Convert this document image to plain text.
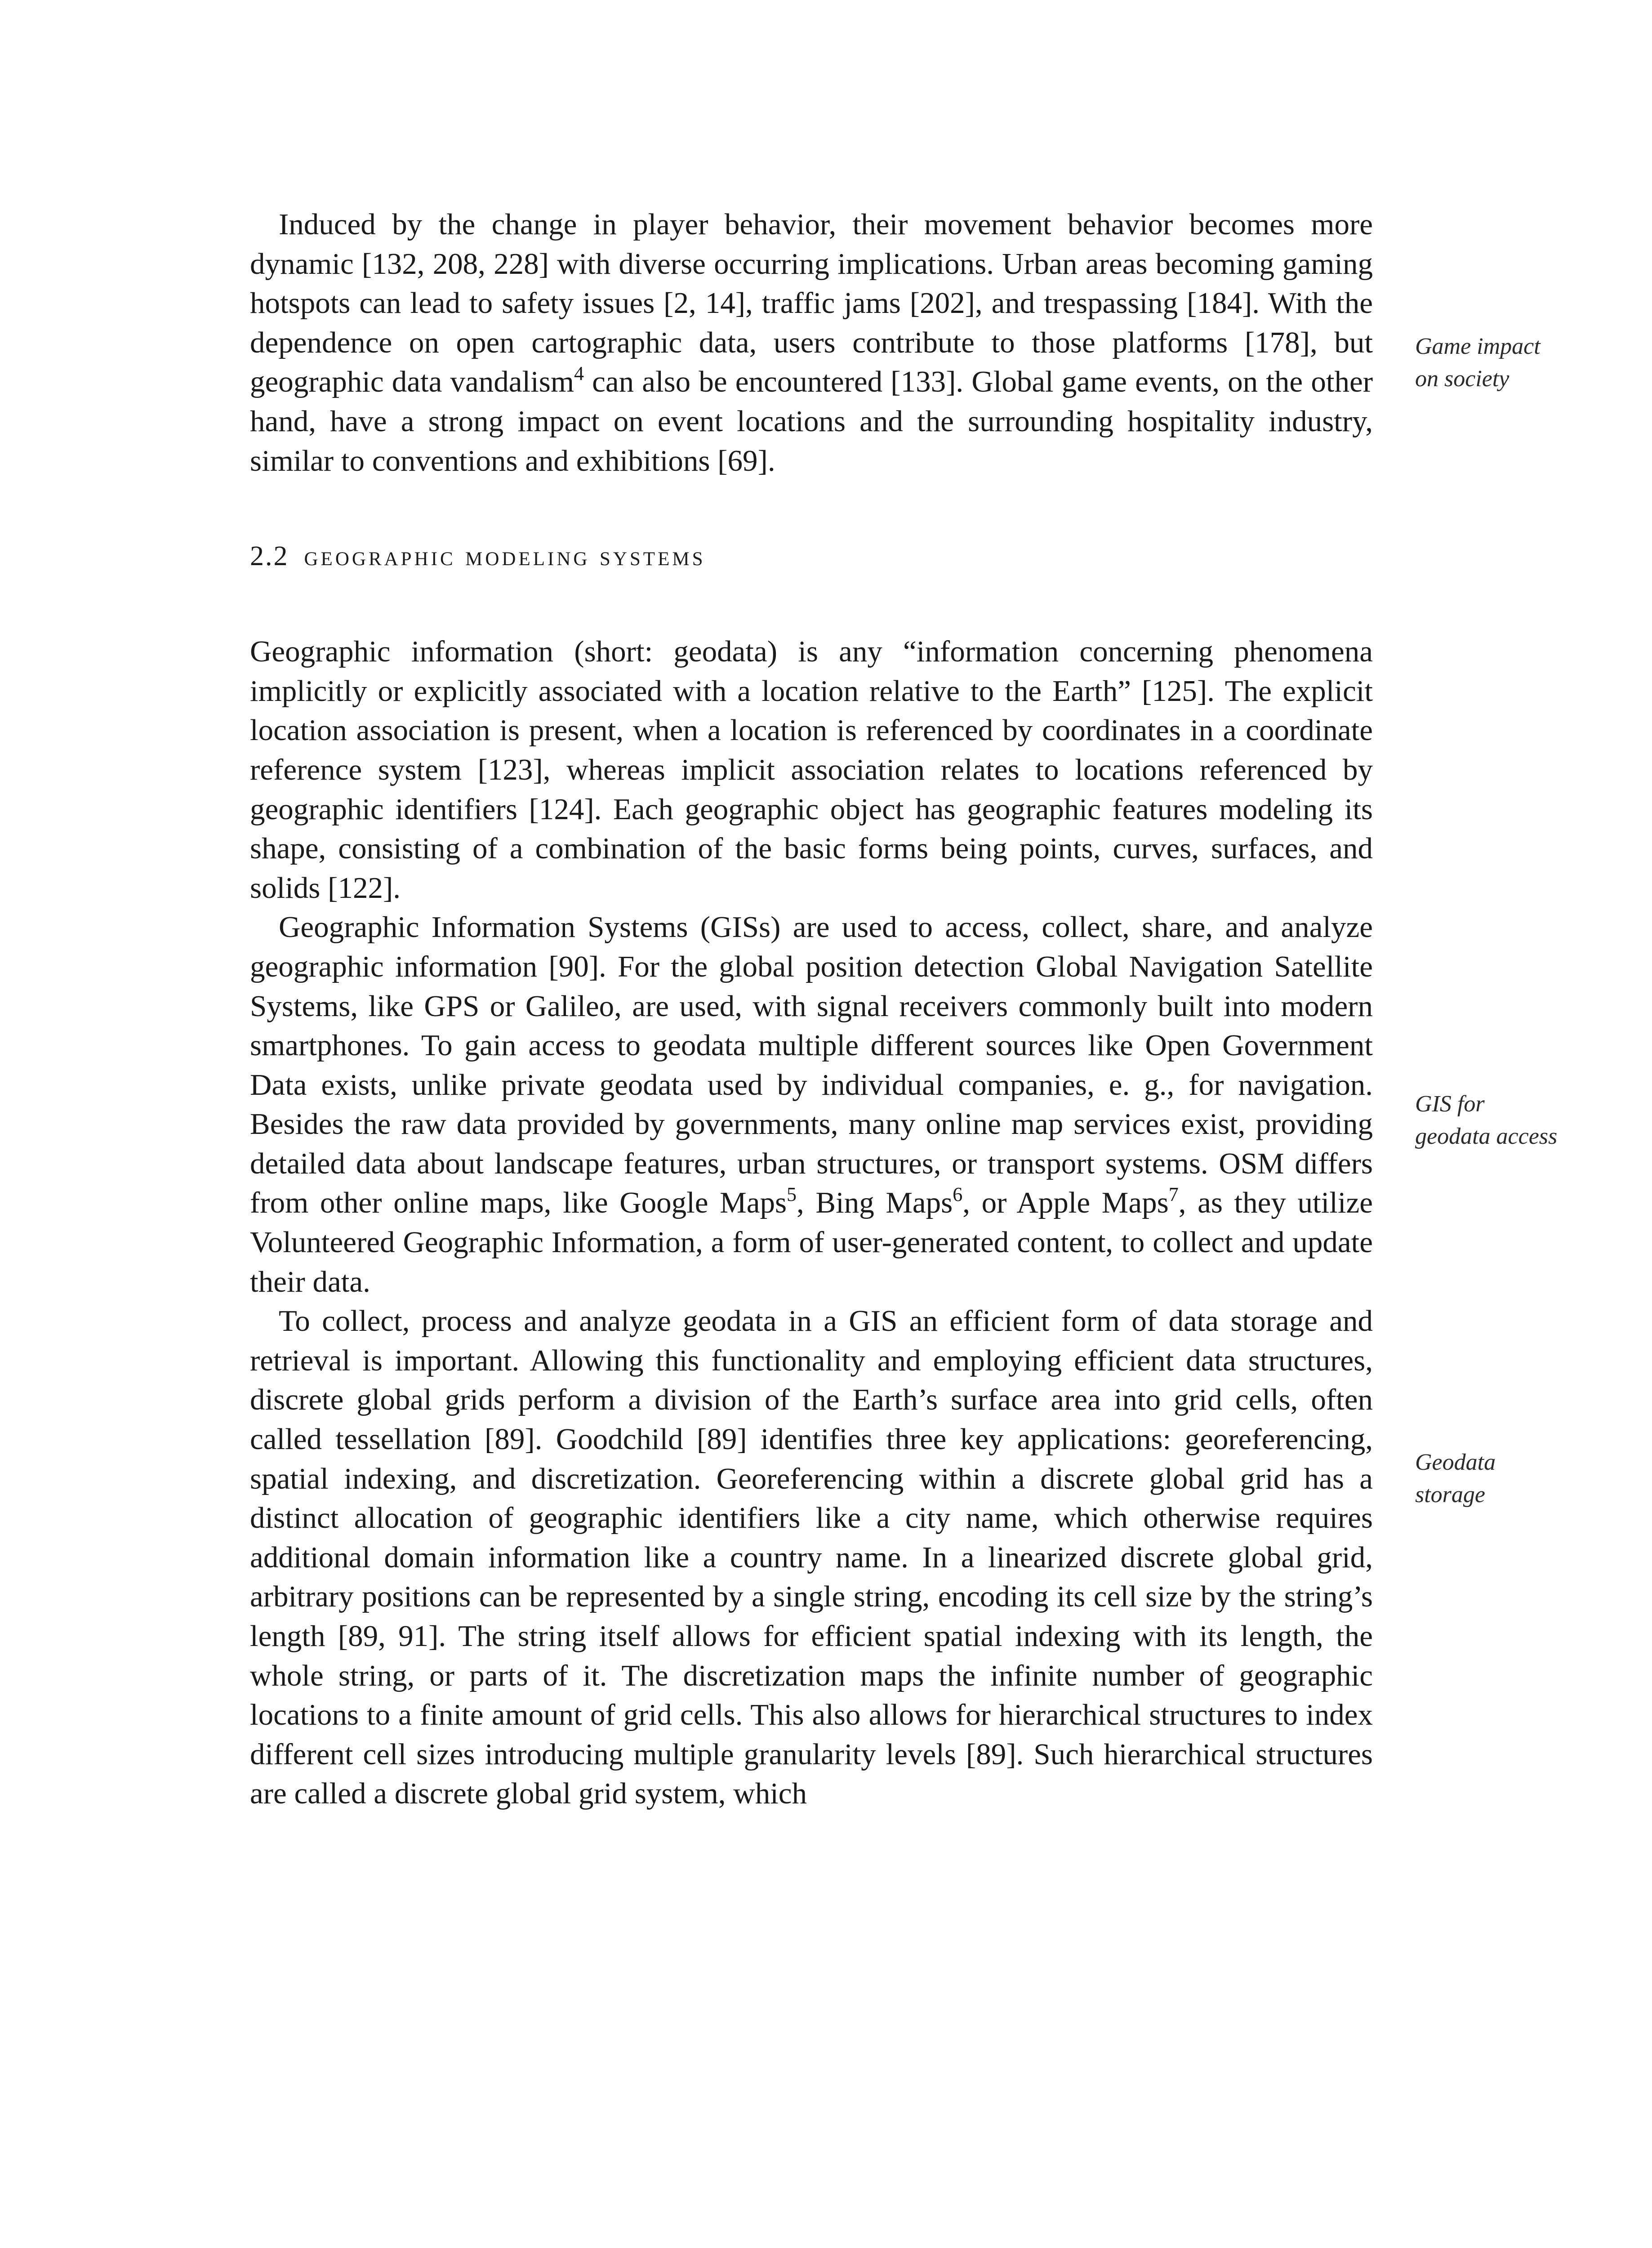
Induced by the change in player behavior, their movement behavior becomes more dynamic [132, 208, 228] with diverse occurring implications. Urban areas becoming gaming hotspots can lead to safety issues [2, 14], traffic jams [202], and trespassing [184]. With the dependence on open cartographic data, users contribute to those platforms [178], but geographic data vandalism$^4$ can also be encountered [133]. Global game events, on the other hand, have a strong impact on event locations and the surrounding hospitality industry, similar to conventions and exhibitions [69].

2.2 geographic modeling systems

Geographic information (short: geodata) is any “information concerning phenomena implicitly or explicitly associated with a location relative to the Earth” [125]. The explicit location association is present, when a location is referenced by coordinates in a coordinate reference system [123], whereas implicit association relates to locations referenced by geographic identifiers [124]. Each geographic object has geographic features modeling its shape, consisting of a combination of the basic forms being points, curves, surfaces, and solids [122].

Geographic Information Systems (GISs) are used to access, collect, share, and analyze geographic information [90]. For the global position detection Global Navigation Satellite Systems, like GPS or Galileo, are used, with signal receivers commonly built into modern smartphones. To gain access to geodata multiple different sources like Open Government Data exists, unlike private geodata used by individual companies, e. g., for navigation. Besides the raw data provided by governments, many online map services exist, providing detailed data about landscape features, urban structures, or transport systems. OSM differs from other online maps, like Google Maps$^5$, Bing Maps$^6$, or Apple Maps$^7$, as they utilize Volunteered Geographic Information, a form of user-generated content, to collect and update their data.

To collect, process and analyze geodata in a GIS an efficient form of data storage and retrieval is important. Allowing this functionality and employing efficient data structures, discrete global grids perform a division of the Earth’s surface area into grid cells, often called tessellation [89]. Goodchild [89] identifies three key applications: georeferencing, spatial indexing, and discretization. Georeferencing within a discrete global grid has a distinct allocation of geographic identifiers like a city name, which otherwise requires additional domain information like a country name. In a linearized discrete global grid, arbitrary positions can be represented by a single string, encoding its cell size by the string’s length [89, 91]. The string itself allows for efficient spatial indexing with its length, the whole string, or parts of it. The discretization maps the infinite number of geographic locations to a finite amount of grid cells. This also allows for hierarchical structures to index different cell sizes introducing multiple granularity levels [89]. Such hierarchical structures are called a discrete global grid system, which

Game impact
on society
GIS for
geodata access
Geodata
storage
